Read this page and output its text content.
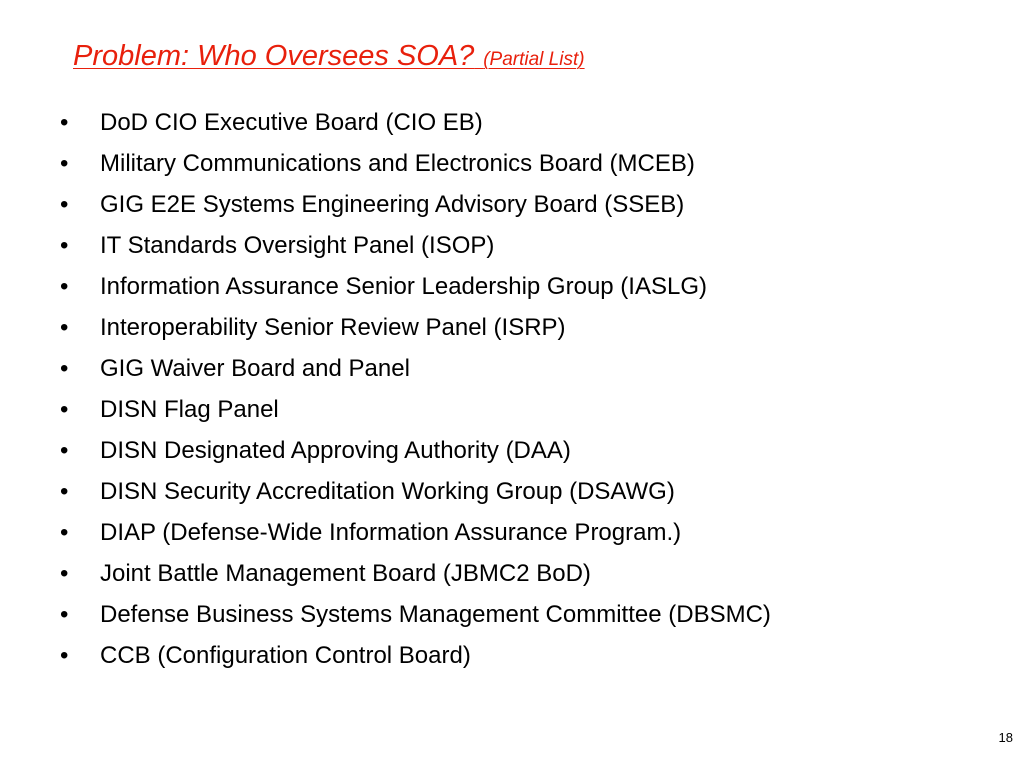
Problem: Who Oversees SOA? (Partial List)
•	DoD CIO Executive Board (CIO EB)
•	Military Communications and Electronics Board (MCEB)
•	GIG E2E Systems Engineering Advisory Board (SSEB)
•	IT Standards Oversight Panel (ISOP)
•	Information Assurance Senior Leadership Group (IASLG)
•	Interoperability Senior Review Panel (ISRP)
•	GIG Waiver Board and Panel
•	DISN Flag Panel
•	DISN Designated Approving Authority (DAA)
•	DISN Security Accreditation Working Group (DSAWG)
•	DIAP (Defense-Wide Information Assurance Program.)
•	Joint Battle Management Board (JBMC2 BoD)
•	Defense Business Systems Management Committee (DBSMC)
•	CCB (Configuration Control Board)
18
